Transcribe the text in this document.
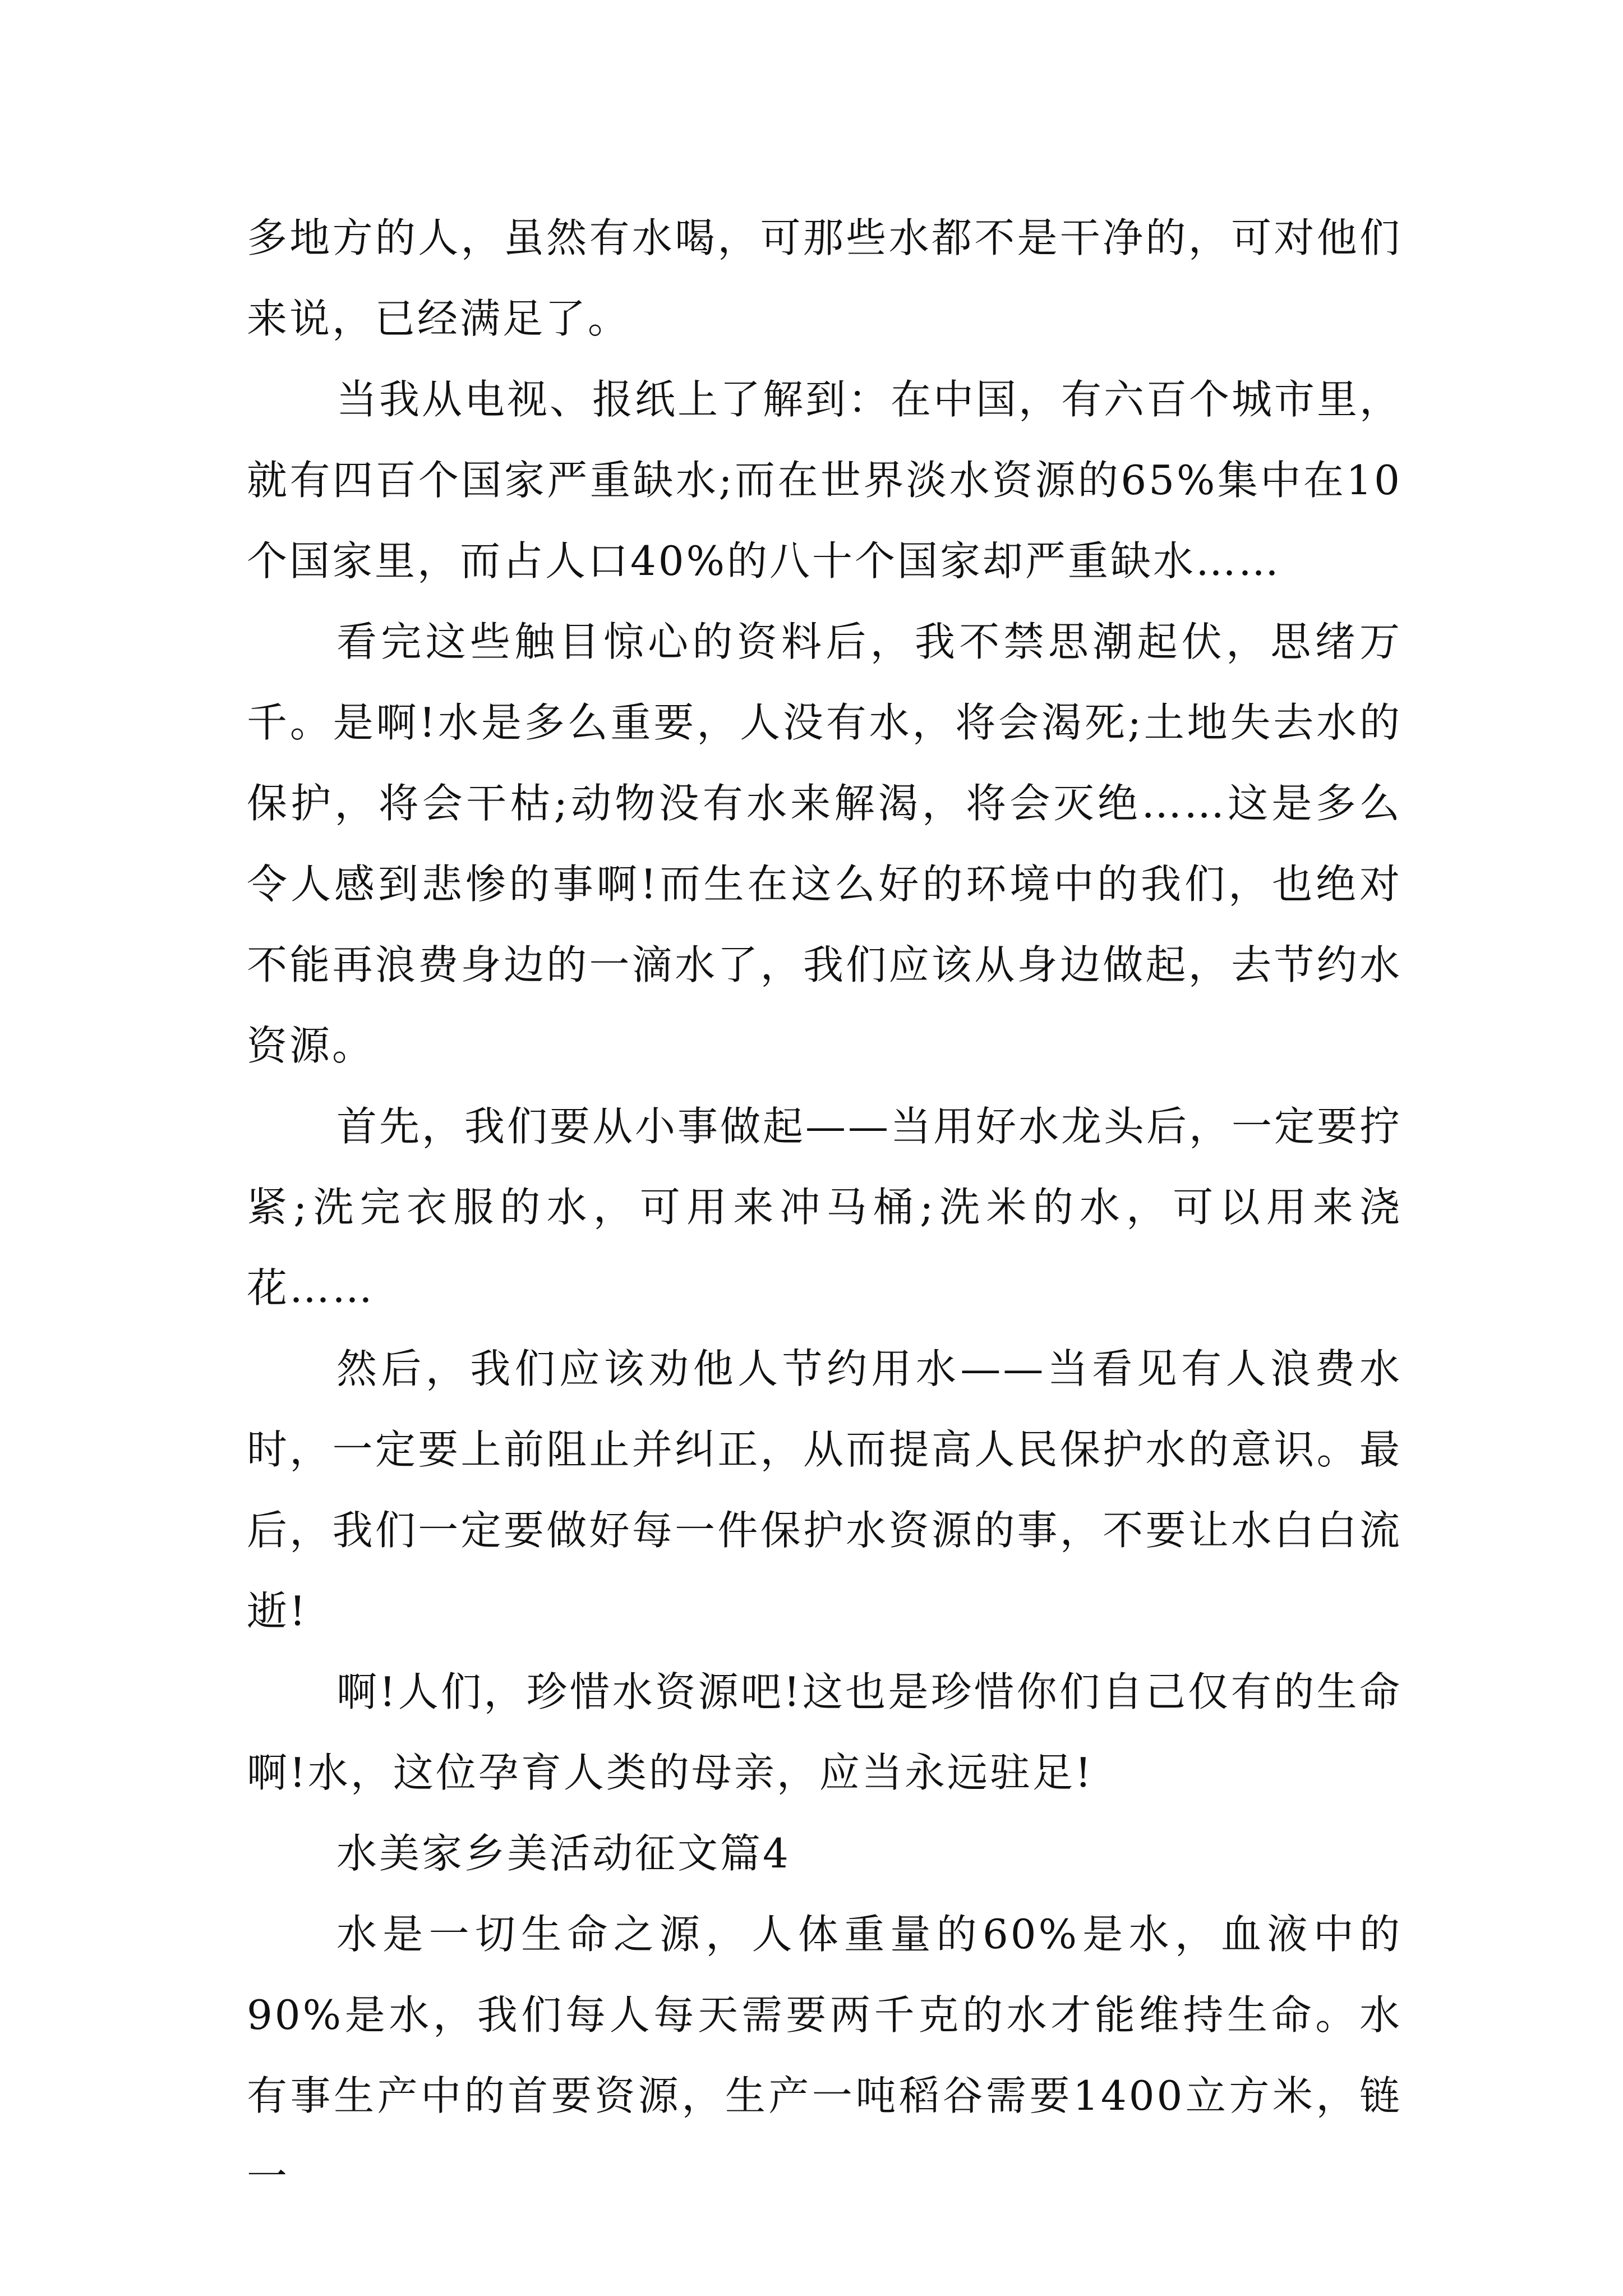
多地方的人，虽然有水喝，可那些水都不是干净的，可对他们来说，已经满足了。

当我从电视、报纸上了解到：在中国，有六百个城市里，就有四百个国家严重缺水;而在世界淡水资源的65%集中在10个国家里，而占人口40%的八十个国家却严重缺水……

看完这些触目惊心的资料后，我不禁思潮起伏，思绪万千。是啊!水是多么重要，人没有水，将会渴死;土地失去水的保护，将会干枯;动物没有水来解渴，将会灭绝……这是多么令人感到悲惨的事啊!而生在这么好的环境中的我们，也绝对不能再浪费身边的一滴水了，我们应该从身边做起，去节约水资源。

首先，我们要从小事做起——当用好水龙头后，一定要拧紧;洗完衣服的水，可用来冲马桶;洗米的水，可以用来浇花……

然后，我们应该劝他人节约用水——当看见有人浪费水时，一定要上前阻止并纠正，从而提高人民保护水的意识。最后，我们一定要做好每一件保护水资源的事，不要让水白白流逝!

啊!人们，珍惜水资源吧!这也是珍惜你们自己仅有的生命啊!水，这位孕育人类的母亲，应当永远驻足!

水美家乡美活动征文篇4

水是一切生命之源，人体重量的60%是水，血液中的90%是水，我们每人每天需要两千克的水才能维持生命。水有事生产中的首要资源，生产一吨稻谷需要1400立方米，链一
